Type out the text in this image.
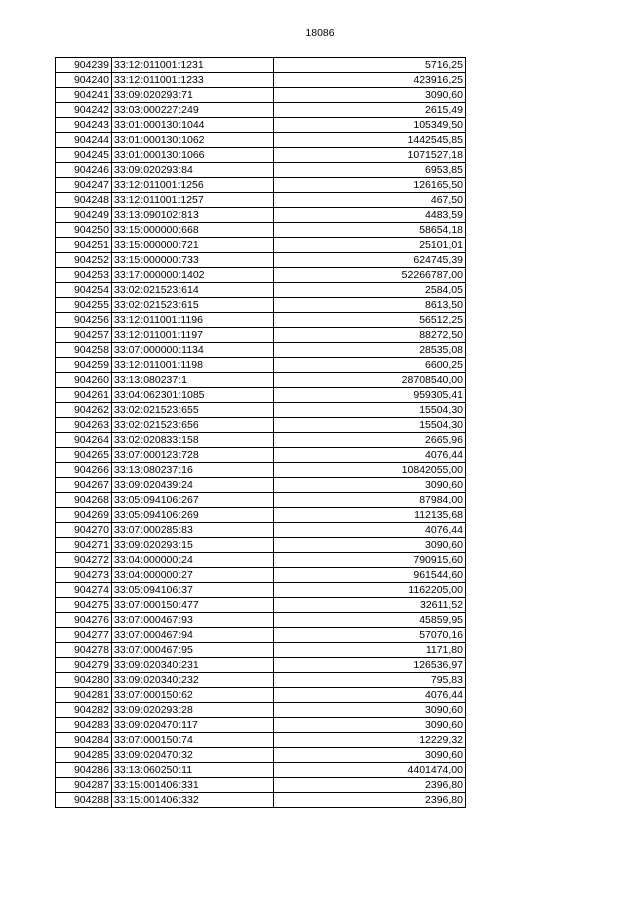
18086
904239	33:12:011001:1231	5716,25
904240	33:12:011001:1233	423916,25
904241	33:09:020293:71	3090,60
904242	33:03:000227:249	2615,49
904243	33:01:000130:1044	105349,50
904244	33:01:000130:1062	1442545,85
904245	33:01:000130:1066	1071527,18
904246	33:09:020293:84	6953,85
904247	33:12:011001:1256	126165,50
904248	33:12:011001:1257	467,50
904249	33:13:090102:813	4483,59
904250	33:15:000000:668	58654,18
904251	33:15:000000:721	25101,01
904252	33:15:000000:733	624745,39
904253	33:17:000000:1402	52266787,00
904254	33:02:021523:614	2584,05
904255	33:02:021523:615	8613,50
904256	33:12:011001:1196	56512,25
904257	33:12:011001:1197	88272,50
904258	33:07:000000:1134	28535,08
904259	33:12:011001:1198	6600,25
904260	33:13:080237:1	28708540,00
904261	33:04:062301:1085	959305,41
904262	33:02:021523:655	15504,30
904263	33:02:021523:656	15504,30
904264	33:02:020833:158	2665,96
904265	33:07:000123:728	4076,44
904266	33:13:080237:16	10842055,00
904267	33:09:020439:24	3090,60
904268	33:05:094106:267	87984,00
904269	33:05:094106:269	112135,68
904270	33:07:000285:83	4076,44
904271	33:09:020293:15	3090,60
904272	33:04:000000:24	790915,60
904273	33:04:000000:27	961544,60
904274	33:05:094106:37	1162205,00
904275	33:07:000150:477	32611,52
904276	33:07:000467:93	45859,95
904277	33:07:000467:94	57070,16
904278	33:07:000467:95	1171,80
904279	33:09:020340:231	126536,97
904280	33:09:020340:232	795,83
904281	33:07:000150:62	4076,44
904282	33:09:020293:28	3090,60
904283	33:09:020470:117	3090,60
904284	33:07:000150:74	12229,32
904285	33:09:020470:32	3090,60
904286	33:13:060250:11	4401474,00
904287	33:15:001406:331	2396,80
904288	33:15:001406:332	2396,80
